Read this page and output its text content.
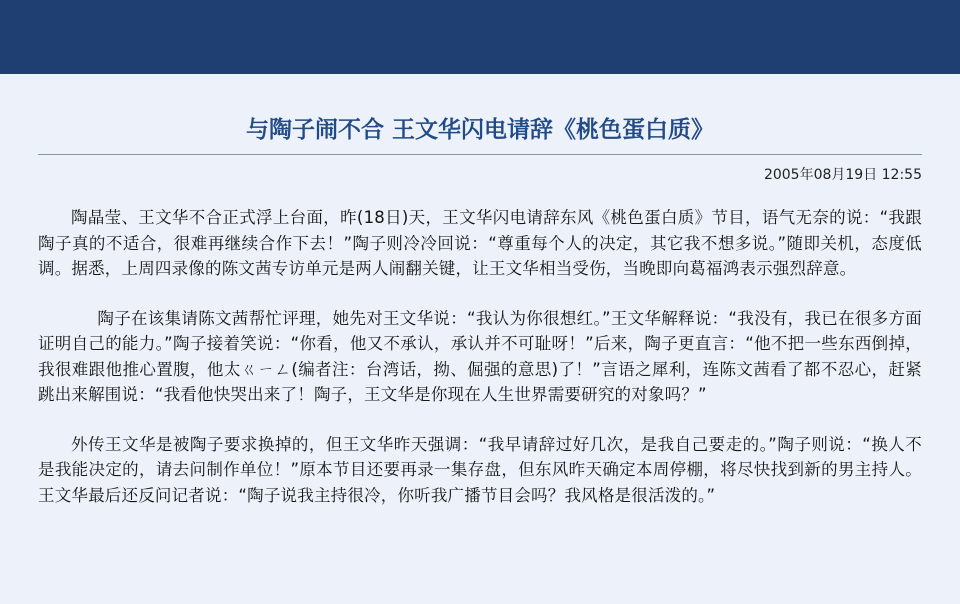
与陶子闹不合 王文华闪电请辞《桃色蛋白质》
2005年08月19日 12:55

陶晶莹、王文华不合正式浮上台面，昨(18日)天，王文华闪电请辞东风《桃色蛋白质》节目，语气无奈的说：“我跟陶子真的不适合，很难再继续合作下去！”陶子则冷冷回说：“尊重每个人的决定，其它我不想多说。”随即关机，态度低调。据悉，上周四录像的陈文茜专访单元是两人闹翻关键，让王文华相当受伤，当晚即向葛福鸿表示强烈辞意。

陶子在该集请陈文茜帮忙评理，她先对王文华说：“我认为你很想红。”王文华解释说：“我没有，我已在很多方面证明自己的能力。”陶子接着笑说：“你看，他又不承认，承认并不可耻呀！”后来，陶子更直言：“他不把一些东西倒掉，我很难跟他推心置腹，他太ㄍㄧㄥ(编者注：台湾话，拗、倔强的意思)了！”言语之犀利，连陈文茜看了都不忍心，赶紧跳出来解围说：“我看他快哭出来了！陶子，王文华是你现在人生世界需要研究的对象吗？”

外传王文华是被陶子要求换掉的，但王文华昨天强调：“我早请辞过好几次，是我自己要走的。”陶子则说：“换人不是我能决定的，请去问制作单位！”原本节目还要再录一集存盘，但东风昨天确定本周停棚，将尽快找到新的男主持人。王文华最后还反问记者说：“陶子说我主持很冷，你听我广播节目会吗？我风格是很活泼的。”
